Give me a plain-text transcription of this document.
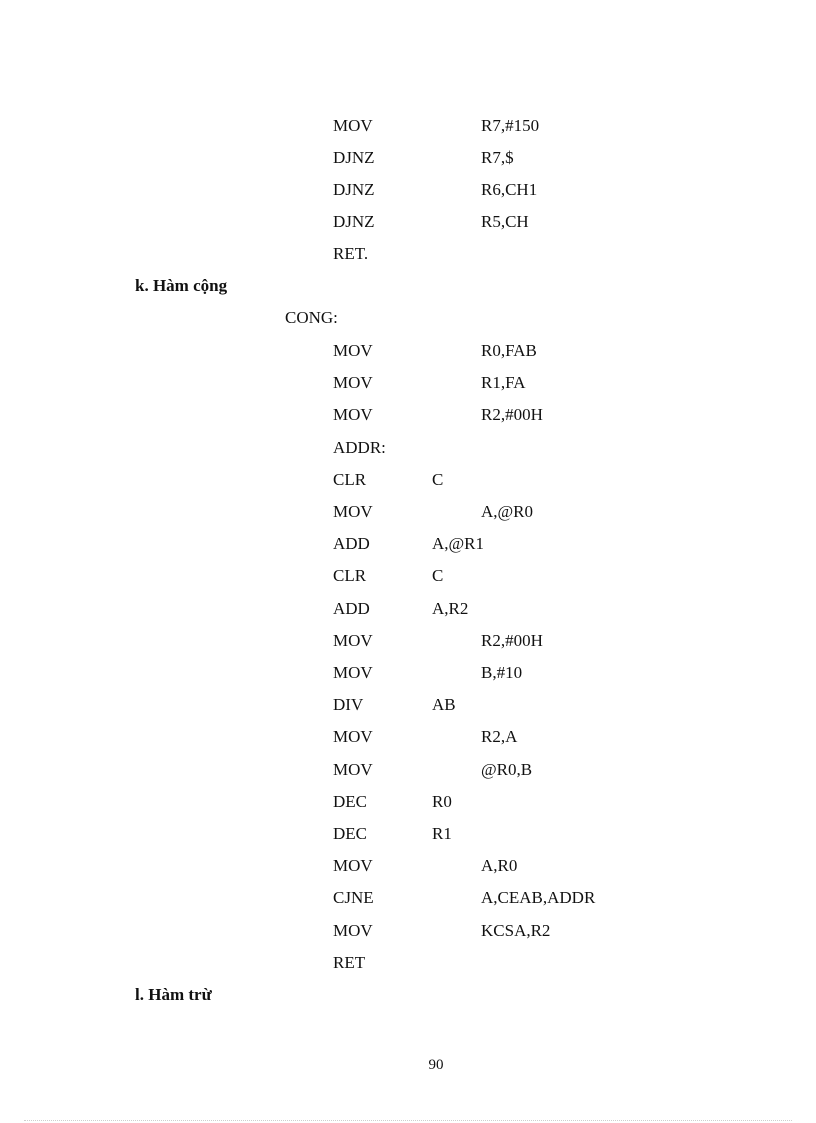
MOV	R7,#150
DJNZ	R7,$
DJNZ	R6,CH1
DJNZ	R5,CH
RET.
k. Hàm cộng
CONG:
MOV	R0,FAB
MOV	R1,FA
MOV	R2,#00H
ADDR:
CLR	C
MOV	A,@R0
ADD	A,@R1
CLR	C
ADD	A,R2
MOV	R2,#00H
MOV	B,#10
DIV	AB
MOV	R2,A
MOV	@R0,B
DEC	R0
DEC	R1
MOV	A,R0
CJNE	A,CEAB,ADDR
MOV	KCSA,R2
RET
l. Hàm trừ
90
